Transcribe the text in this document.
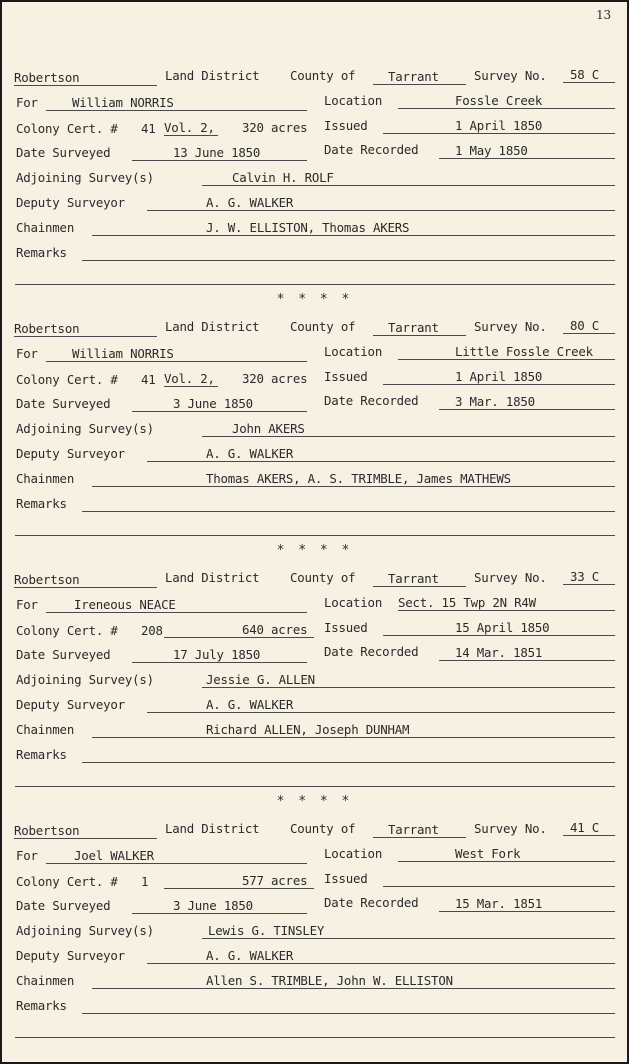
13
Robertson	Land District County of	Tarrant	Survey No. 58 C
For	William NORRIS	Location	Fossle Creek
Colony Cert. # 41 Vol. 2, 320 acres Issued	1 April 1850
Date Surveyed	13 June 1850	Date Recorded	1 May 1850
Adjoining Survey(s)	Calvin H. ROLF
Deputy Surveyor	A. G. WALKER
Chainmen	J. W. ELLISTON, Thomas AKERS
Remarks
* * * *
Robertson	Land District County of	Tarrant	Survey No. 80 C
For	William NORRIS	Location	Little Fossle Creek
Colony Cert. # 41 Vol. 2, 320 acres Issued	1 April 1850
Date Surveyed	3 June 1850	Date Recorded	3 Mar. 1850
Adjoining Survey(s)	John AKERS
Deputy Surveyor	A. G. WALKER
Chainmen	Thomas AKERS, A. S. TRIMBLE, James MATHEWS
Remarks
* * * *
Robertson	Land District County of	Tarrant	Survey No. 33 C
For	Ireneous NEACE	Location Sect. 15 Twp 2N R4W
Colony Cert. # 208	640 acres Issued	15 April 1850
Date Surveyed	17 July 1850	Date Recorded	14 Mar. 1851
Adjoining Survey(s)	Jessie G. ALLEN
Deputy Surveyor	A. G. WALKER
Chainmen	Richard ALLEN, Joseph DUNHAM
Remarks
* * * *
Robertson	Land District County of	Tarrant	Survey No. 41 C
For	Joel WALKER	Location	West Fork
Colony Cert. # 1	577 acres Issued
Date Surveyed	3 June 1850	Date Recorded	15 Mar. 1851
Adjoining Survey(s)	Lewis G. TINSLEY
Deputy Surveyor	A. G. WALKER
Chainmen	Allen S. TRIMBLE, John W. ELLISTON
Remarks
